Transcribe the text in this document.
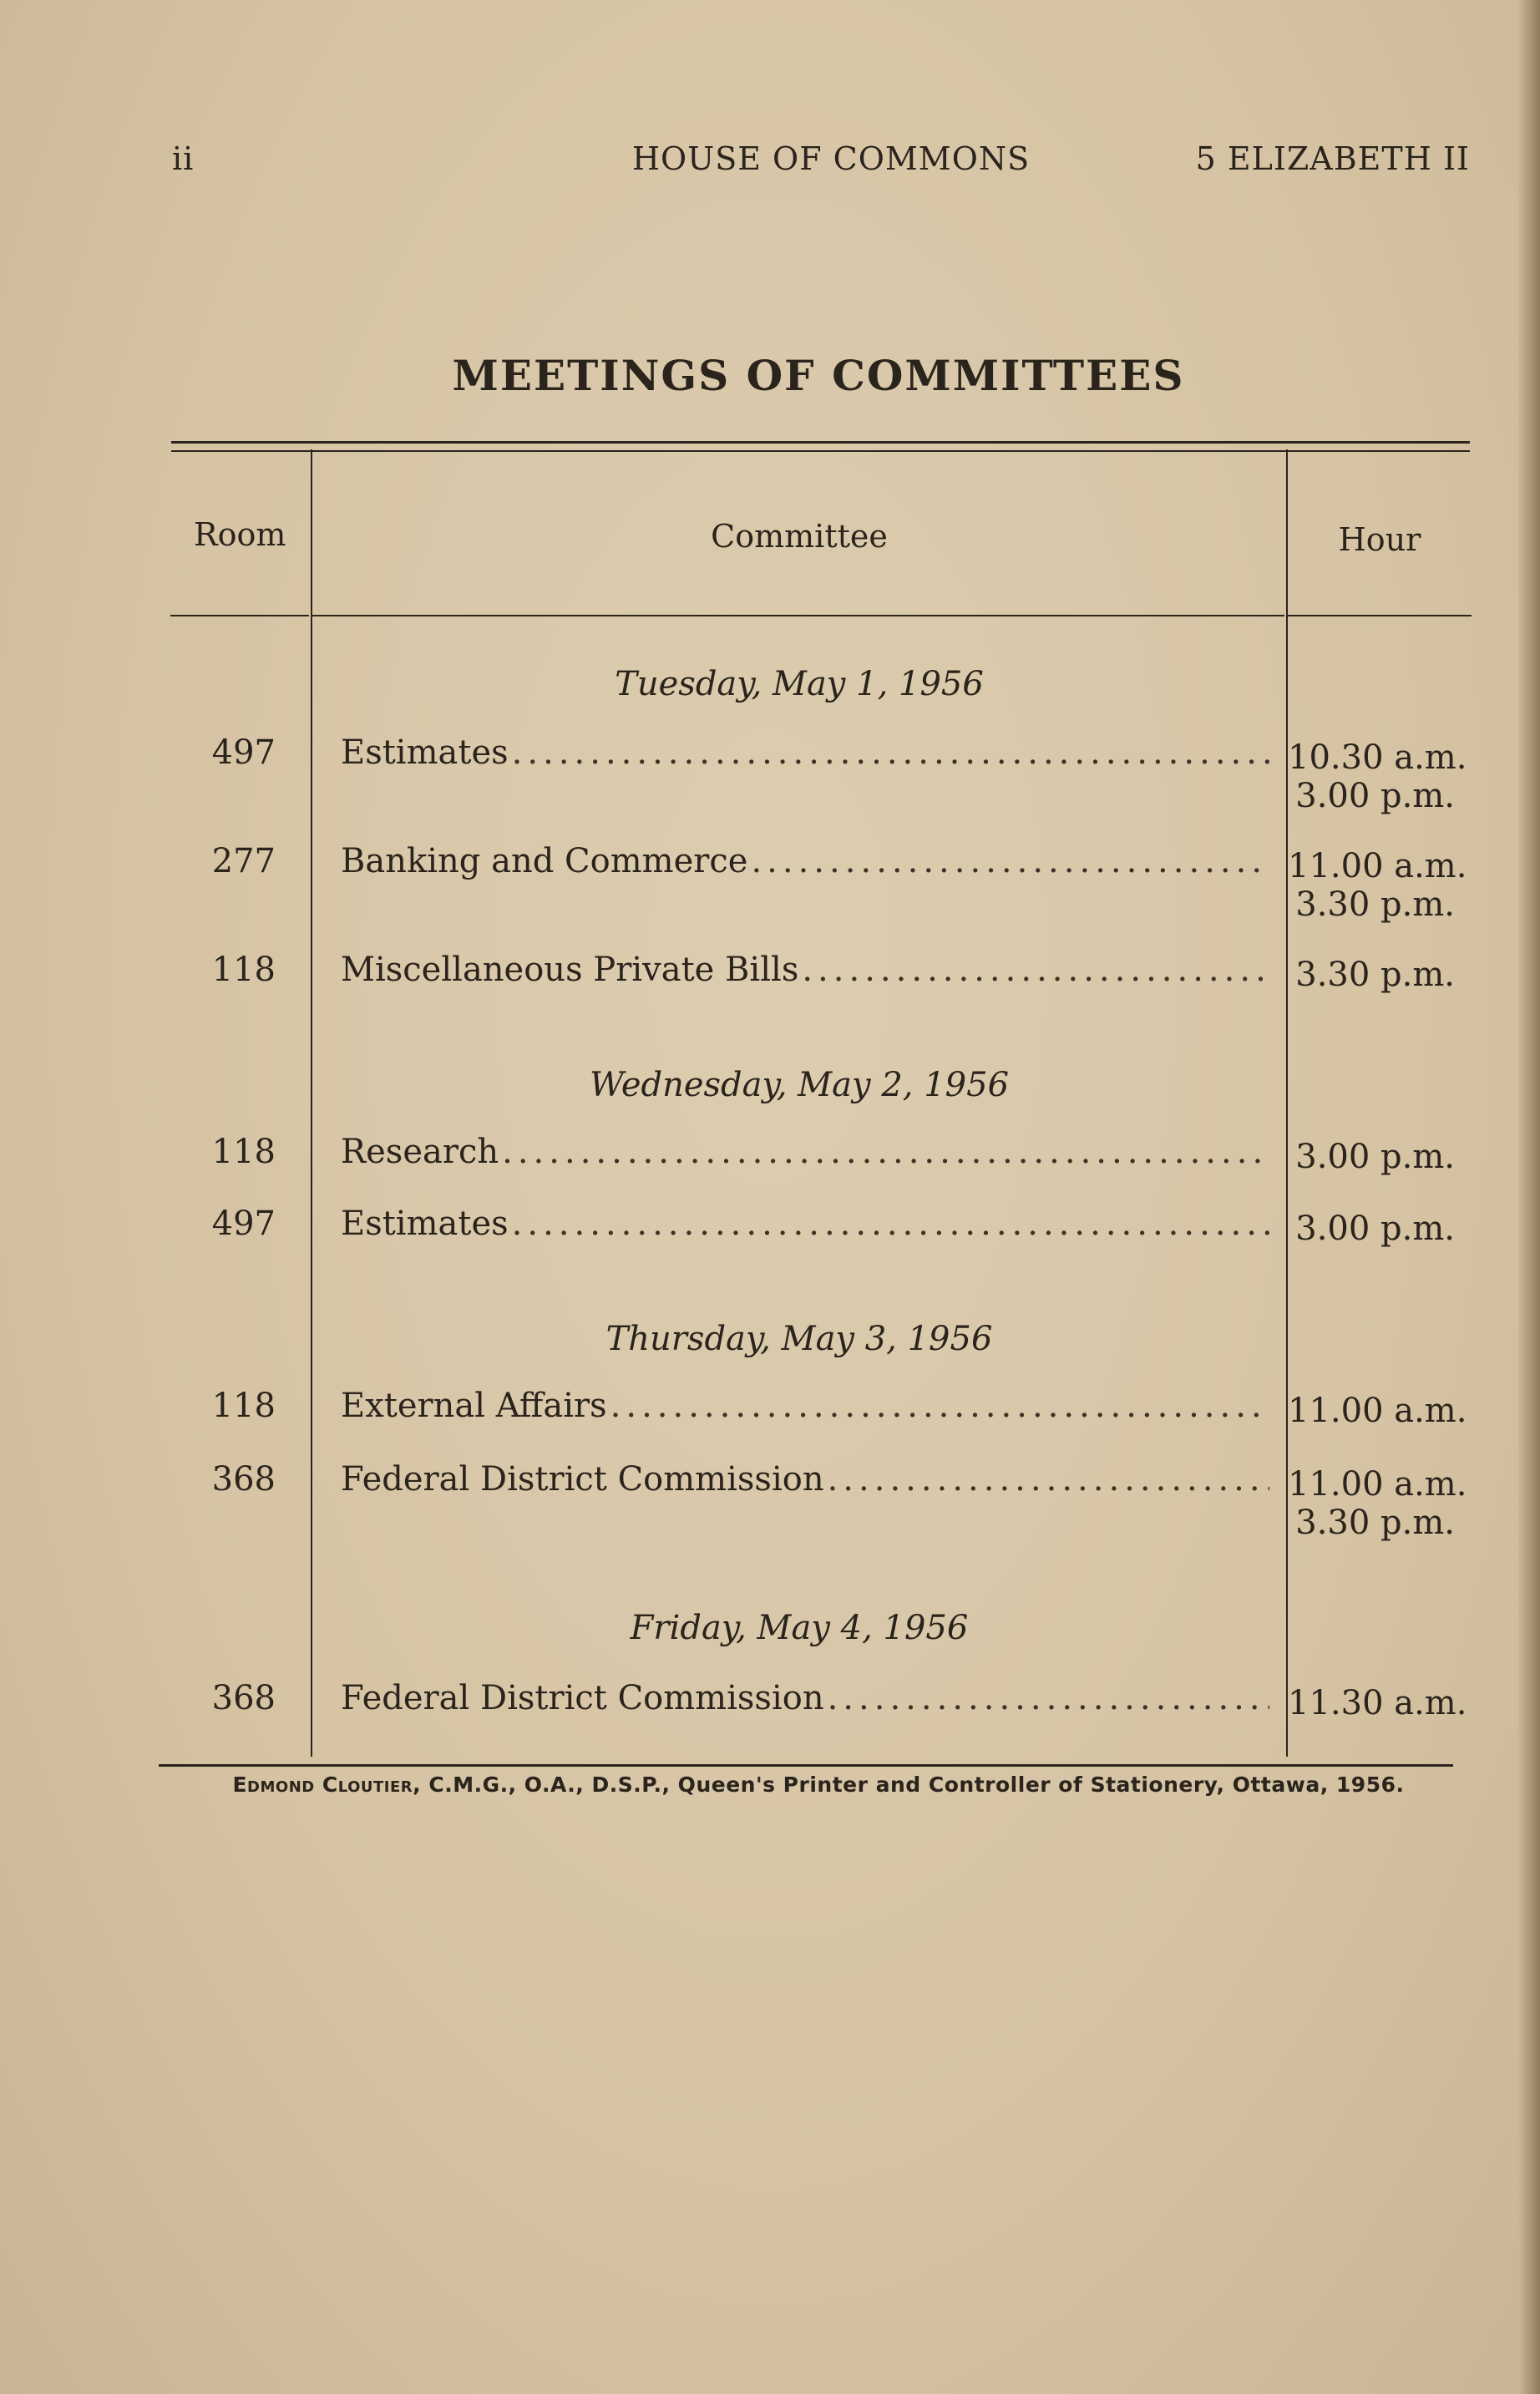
ii	HOUSE OF COMMONS	5 ELIZABETH II
MEETINGS OF COMMITTEES
Room	Committee	Hour
Tuesday, May 1, 1956
497 Estimates .....	10.30 a.m.
3.00 p.m.
277 Banking and Commerce .....	11.00 a.m.
3.30 p.m.
118 Miscellaneous Private Bills .....	3.30 p.m.
Wednesday, May 2, 1956
118 Research .....	3.00 p.m.
497 Estimates .....	3.00 p.m.
Thursday, May 3, 1956
118 External Affairs .....	11.00 a.m.
368 Federal District Commission .....	11.00 a.m.
3.30 p.m.
Friday, May 4, 1956
368 Federal District Commission .....	11.30 a.m.
Edmond Cloutier, C.M.G., O.A., D.S.P., Queen's Printer and Controller of Stationery, Ottawa, 1956.
